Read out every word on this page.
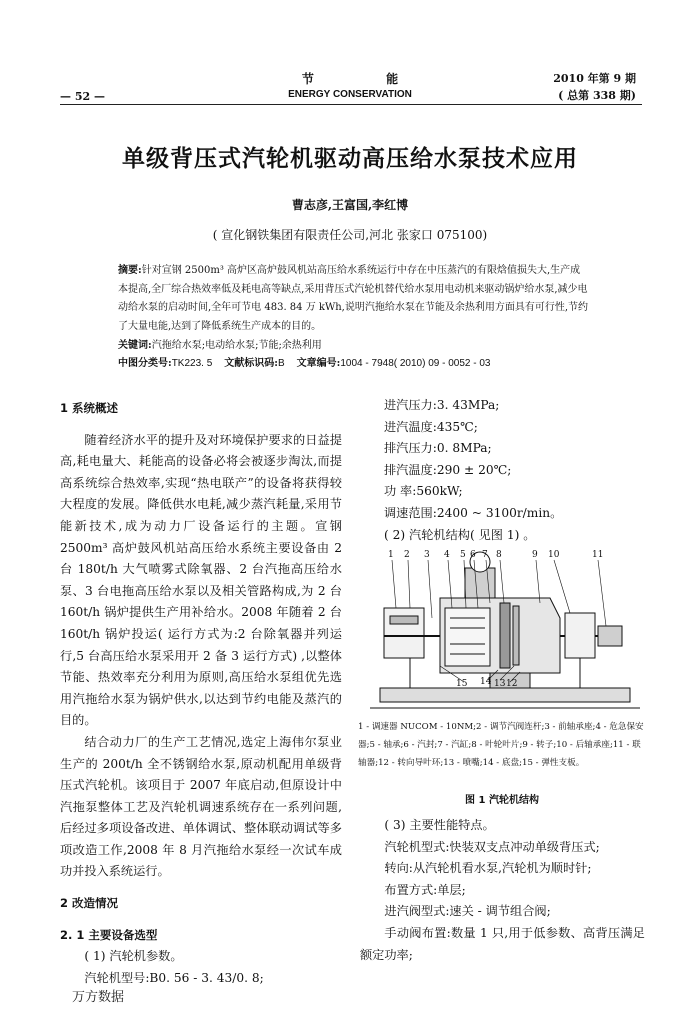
节 能
ENERGY CONSERVATION
— 52 —
2010 年第 9 期
( 总第 338 期)
单级背压式汽轮机驱动高压给水泵技术应用
曹志彦,王富国,李红博
( 宣化钢铁集团有限责任公司,河北 张家口 075100)
摘要:针对宣钢 2500m³ 高炉区高炉鼓风机站高压给水系统运行中存在中压蒸汽的有限焓值损失大,生产成本提高,全厂综合热效率低及耗电高等缺点,采用背压式汽轮机替代给水泵用电动机来驱动锅炉给水泵,减少电动给水泵的启动时间,全年可节电 483. 84 万 kWh,说明汽拖给水泵在节能及余热利用方面具有可行性,节约了大量电能,达到了降低系统生产成本的目的。
关键词:汽拖给水泵;电动给水泵;节能;余热利用
中图分类号:TK223. 5 文献标识码:B 文章编号:1004 - 7948( 2010) 09 - 0052 - 03
1 系统概述
随着经济水平的提升及对环境保护要求的日益提高,耗电量大、耗能高的设备必将会被逐步淘汰,而提高系统综合热效率,实现“热电联产”的设备将获得较大程度的发展。降低供水电耗,减少蒸汽耗量,采用节能新技术,成为动力厂设备运行的主题。宣钢 2500m³ 高炉鼓风机站高压给水系统主要设备由 2 台 180t/h 大气喷雾式除氧器、2 台汽拖高压给水泵、3 台电拖高压给水泵以及相关管路构成,为 2 台 160t/h 锅炉提供生产用补给水。2008 年随着 2 台 160t/h 锅炉投运( 运行方式为:2 台除氧器并列运行,5 台高压给水泵采用开 2 备 3 运行方式) ,以整体节能、热效率充分利用为原则,高压给水泵组优先选用汽拖给水泵为锅炉供水,以达到节约电能及蒸汽的目的。
结合动力厂的生产工艺情况,选定上海伟尔泵业生产的 200t/h 全不锈钢给水泵,原动机配用单级背压式汽轮机。该项目于 2007 年底启动,但原设计中汽拖泵整体工艺及汽轮机调速系统存在一系列问题,后经过多项设备改进、单体调试、整体联动调试等多项改造工作,2008 年 8 月汽拖给水泵经一次试车成功并投入系统运行。
2 改造情况
2. 1 主要设备选型
( 1) 汽轮机参数。
汽轮机型号:B0. 56 - 3. 43/0. 8;
进汽压力:3. 43MPa;
进汽温度:435℃;
排汽压力:0. 8MPa;
排汽温度:290 ± 20℃;
功 率:560kW;
调速范围:2400 ~ 3100r/min。
( 2) 汽轮机结构( 见图 1) 。
1 2 3 4 5 6 7 8	9 10	11
15 14 13 12
1 - 调速器 NUCOM - 10NM;2 - 调节汽阀连杆;3 - 前轴承座;4 - 危急保安器;5 - 轴承;6 - 汽封;7 - 汽缸;8 - 叶轮叶片;9 - 转子;10 - 后轴承座;11 - 联轴器;12 - 转向导叶环;13 - 喷嘴;14 - 底盘;15 - 弹性支板。
图 1 汽轮机结构
( 3) 主要性能特点。
汽轮机型式:快装双支点冲动单级背压式;
转向:从汽轮机看水泵,汽轮机为顺时针;
布置方式:单层;
进汽阀型式:速关 - 调节组合阀;
手动阀布置:数量 1 只,用于低参数、高背压满足额定功率;
万方数据
